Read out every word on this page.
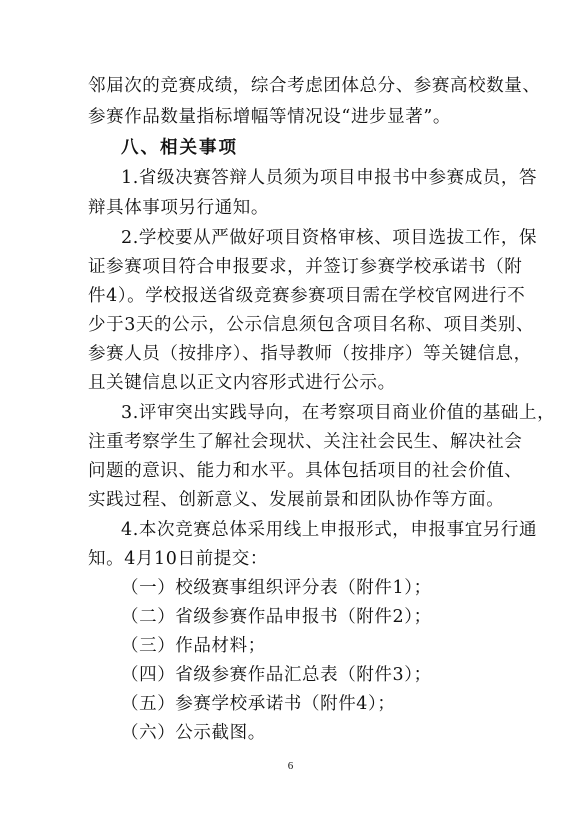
邻届次的竞赛成绩，综合考虑团体总分、参赛高校数量、
参赛作品数量指标增幅等情况设“进步显著”。
八、相关事项
1.省级决赛答辩人员须为项目申报书中参赛成员，答
辩具体事项另行通知。
2.学校要从严做好项目资格审核、项目选拔工作，保
证参赛项目符合申报要求，并签订参赛学校承诺书（附
件4）。学校报送省级竞赛参赛项目需在学校官网进行不
少于3天的公示，公示信息须包含项目名称、项目类别、
参赛人员（按排序）、指导教师（按排序）等关键信息，
且关键信息以正文内容形式进行公示。
3.评审突出实践导向，在考察项目商业价值的基础上，
注重考察学生了解社会现状、关注社会民生、解决社会
问题的意识、能力和水平。具体包括项目的社会价值、
实践过程、创新意义、发展前景和团队协作等方面。
4.本次竞赛总体采用线上申报形式，申报事宜另行通
知。4月10日前提交：
（一）校级赛事组织评分表（附件1）；
（二）省级参赛作品申报书（附件2）；
（三）作品材料；
（四）省级参赛作品汇总表（附件3）；
（五）参赛学校承诺书（附件4）；
（六）公示截图。
6
